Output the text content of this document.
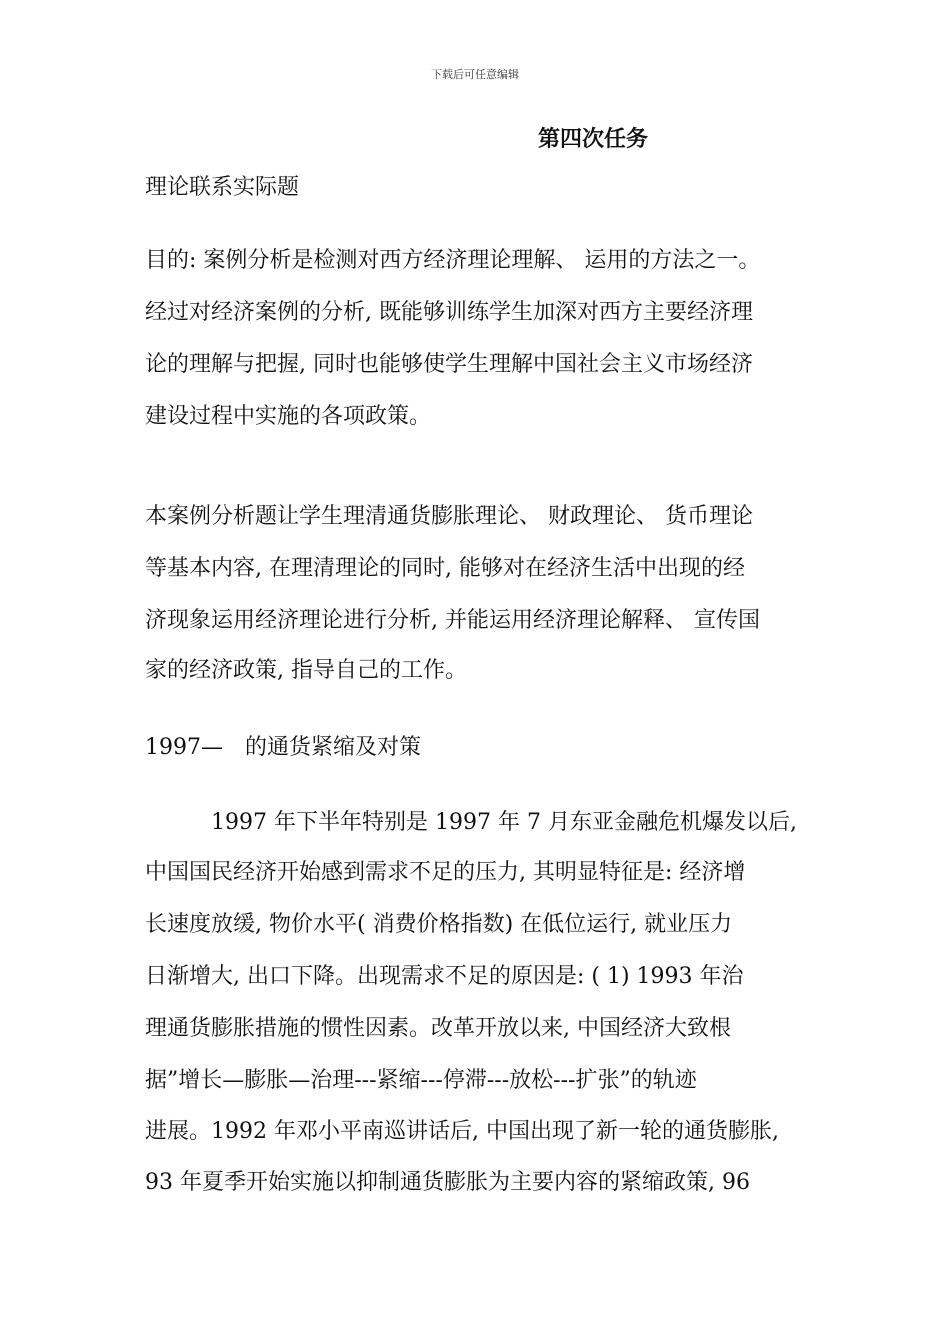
下载后可任意编辑
第四次任务
理论联系实际题
目的: 案例分析是检测对西方经济理论理解、 运用的方法之一。
经过对经济案例的分析, 既能够训练学生加深对西方主要经济理
论的理解与把握, 同时也能够使学生理解中国社会主义市场经济
建设过程中实施的各项政策。
本案例分析题让学生理清通货膨胀理论、 财政理论、 货币理论
等基本内容, 在理清理论的同时, 能够对在经济生活中出现的经
济现象运用经济理论进行分析, 并能运用经济理论解释、 宣传国
家的经济政策, 指导自己的工作。
1997—　的通货紧缩及对策
　　　1997 年下半年特别是 1997 年 7 月东亚金融危机爆发以后,
中国国民经济开始感到需求不足的压力, 其明显特征是: 经济增
长速度放缓, 物价水平( 消费价格指数) 在低位运行, 就业压力
日渐增大, 出口下降。出现需求不足的原因是: ( 1) 1993 年治
理通货膨胀措施的惯性因素。改革开放以来, 中国经济大致根
据”增长—膨胀—治理---紧缩---停滞---放松---扩张”的轨迹
进展。1992 年邓小平南巡讲话后, 中国出现了新一轮的通货膨胀,
93 年夏季开始实施以抑制通货膨胀为主要内容的紧缩政策, 96
